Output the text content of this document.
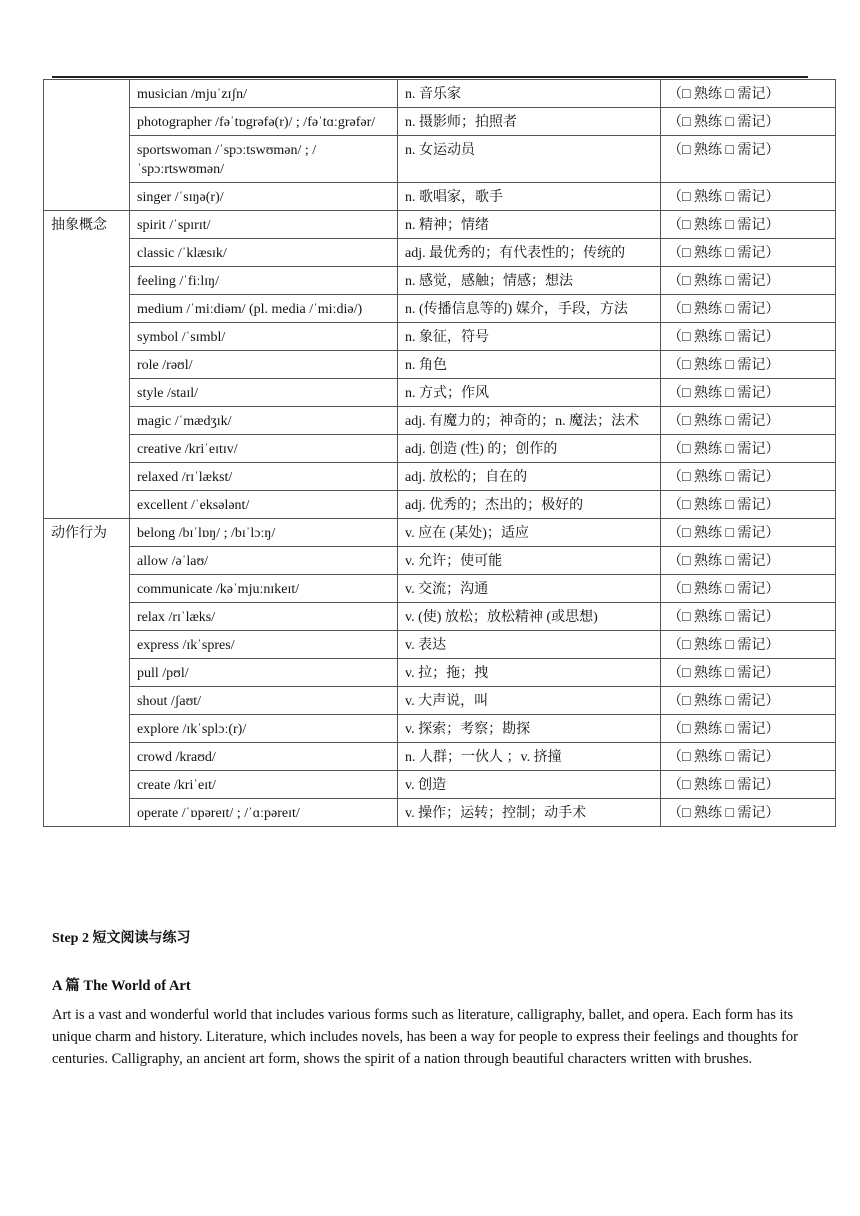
	musician /mjuˈzɪʃn/	n. 音乐家	（□ 熟练 □ 需记）
	photographer /fəˈtɒgrəfə(r)/ ; /fəˈtɑːgrəfər/	n. 摄影师；拍照者	（□ 熟练 □ 需记）
	sportswoman /ˈspɔːtswʊmən/ ; /ˈspɔːrtswʊmən/	n. 女运动员	（□ 熟练 □ 需记）
	singer /ˈsɪŋə(r)/	n. 歌唱家，歌手	（□ 熟练 □ 需记）
抽象概念	spirit /ˈspɪrɪt/	n. 精神；情绪	（□ 熟练 □ 需记）
	classic /ˈklæsɪk/	adj. 最优秀的；有代表性的；传统的	（□ 熟练 □ 需记）
	feeling /ˈfiːlɪŋ/	n. 感觉，感触；情感；想法	（□ 熟练 □ 需记）
	medium /ˈmiːdiəm/ (pl. media /ˈmiːdiə/)	n. (传播信息等的) 媒介，手段，方法	（□ 熟练 □ 需记）
	symbol /ˈsɪmbl/	n. 象征，符号	（□ 熟练 □ 需记）
	role /rəʊl/	n. 角色	（□ 熟练 □ 需记）
	style /staɪl/	n. 方式；作风	（□ 熟练 □ 需记）
	magic /ˈmædʒɪk/	adj. 有魔力的；神奇的；n. 魔法；法术	（□ 熟练 □ 需记）
	creative /kriˈeɪtɪv/	adj. 创造 (性) 的；创作的	（□ 熟练 □ 需记）
	relaxed /rɪˈlækst/	adj. 放松的；自在的	（□ 熟练 □ 需记）
	excellent /ˈeksələnt/	adj. 优秀的；杰出的；极好的	（□ 熟练 □ 需记）
动作行为	belong /bɪˈlɒŋ/ ; /bɪˈlɔːŋ/	v. 应在 (某处)；适应	（□ 熟练 □ 需记）
	allow /əˈlaʊ/	v. 允许；使可能	（□ 熟练 □ 需记）
	communicate /kəˈmjuːnɪkeɪt/	v. 交流；沟通	（□ 熟练 □ 需记）
	relax /rɪˈlæks/	v. (使) 放松；放松精神 (或思想)	（□ 熟练 □ 需记）
	express /ɪkˈspres/	v. 表达	（□ 熟练 □ 需记）
	pull /pʊl/	v. 拉；拖；拽	（□ 熟练 □ 需记）
	shout /ʃaʊt/	v. 大声说，叫	（□ 熟练 □ 需记）
	explore /ɪkˈsplɔː(r)/	v. 探索；考察；勘探	（□ 熟练 □ 需记）
	crowd /kraʊd/	n. 人群；一伙人 ；v. 挤撞	（□ 熟练 □ 需记）
	create /kriˈeɪt/	v. 创造	（□ 熟练 □ 需记）
	operate /ˈɒpəreɪt/ ; /ˈɑːpəreɪt/	v. 操作；运转；控制；动手术	（□ 熟练 □ 需记）
Step 2 短文阅读与练习
A 篇 The World of Art

Art is a vast and wonderful world that includes various forms such as literature, calligraphy, ballet, and opera. Each form has its unique charm and history. Literature, which includes novels, has been a way for people to express their feelings and thoughts for centuries. Calligraphy, an ancient art form, shows the spirit of a nation through beautiful characters written with brushes.
